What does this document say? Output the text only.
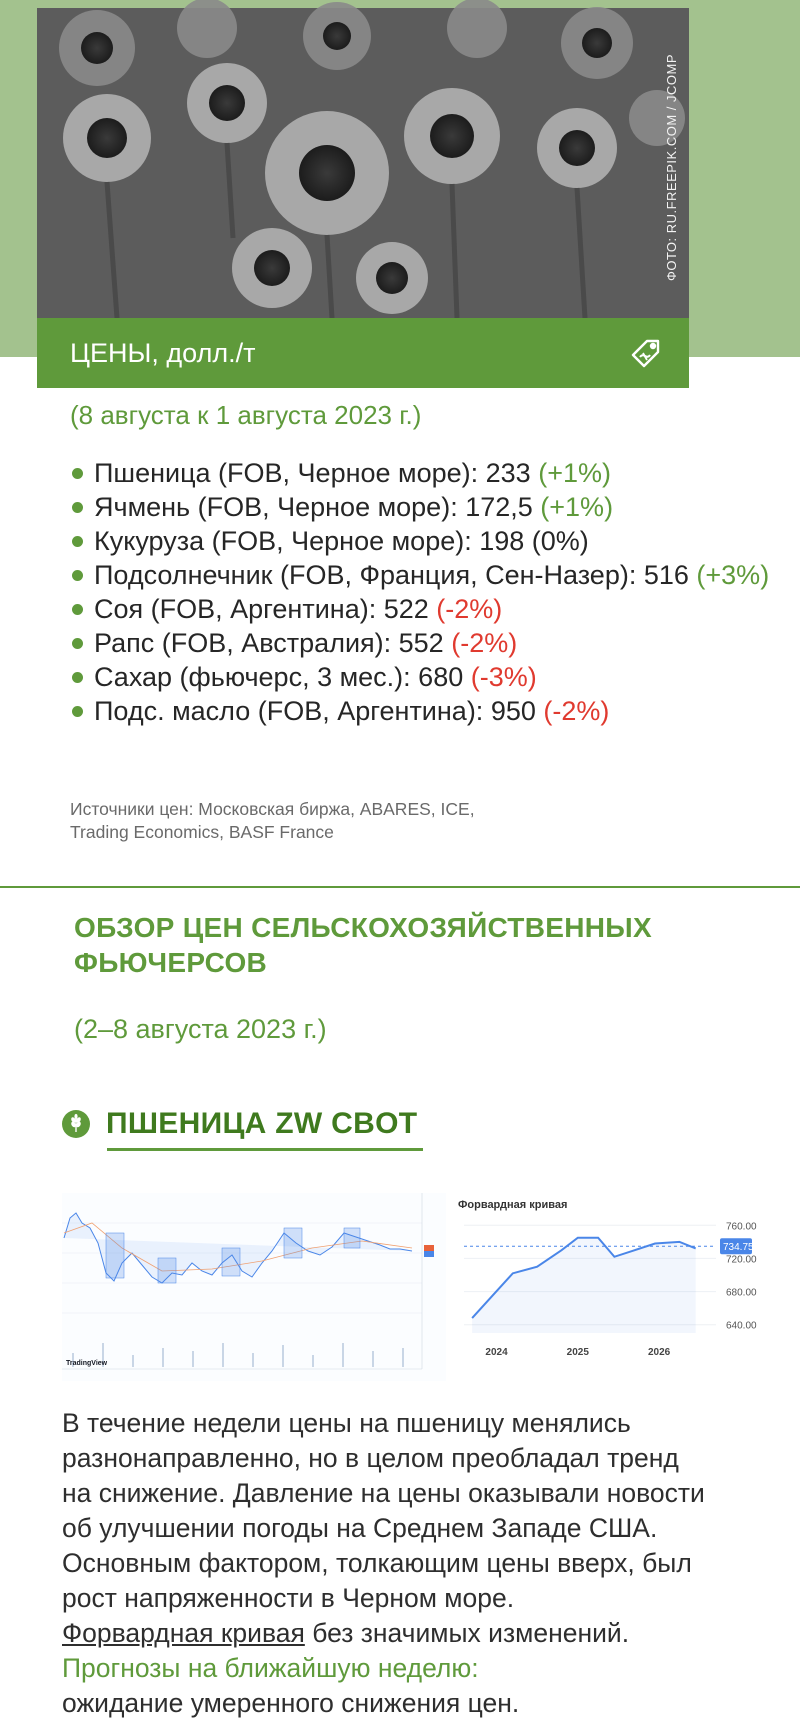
ФОТО: RU.FREEPIK.COM / JCOMP
ЦЕНЫ, долл./т
(8 августа к 1 августа 2023 г.)
Пшеница (FOB, Черное море): 233 (+1%)
Ячмень (FOB, Черное море): 172,5 (+1%)
Кукуруза (FOB, Черное море): 198 (0%)
Подсолнечник (FOB, Франция, Сен-Назер): 516 (+3%)
Соя (FOB, Аргентина): 522 (-2%)
Рапс (FOB, Австралия): 552 (-2%)
Сахар (фьючерс, 3 мес.): 680 (-3%)
Подс. масло (FOB, Аргентина): 950 (-2%)
Источники цен: Московская биржа, ABARES, ICE,
Trading Economics, BASF France
ОБЗОР ЦЕН СЕЛЬСКОХОЗЯЙСТВЕННЫХ
ФЬЮЧЕРСОВ
(2–8 августа 2023 г.)
ПШЕНИЦА ZW CBOT
TradingView
Форвардная кривая
760.00
720.00
680.00
640.00
734.75
2024	2025	2026
В течение недели цены на пшеницу менялись
разнонаправленно, но в целом преобладал тренд
на снижение. Давление на цены оказывали новости
об улучшении погоды на Среднем Западе США.
Основным фактором, толкающим цены вверх, был
рост напряженности в Черном море.
Форвардная кривая без значимых изменений.
Прогнозы на ближайшую неделю:
ожидание умеренного снижения цен.
